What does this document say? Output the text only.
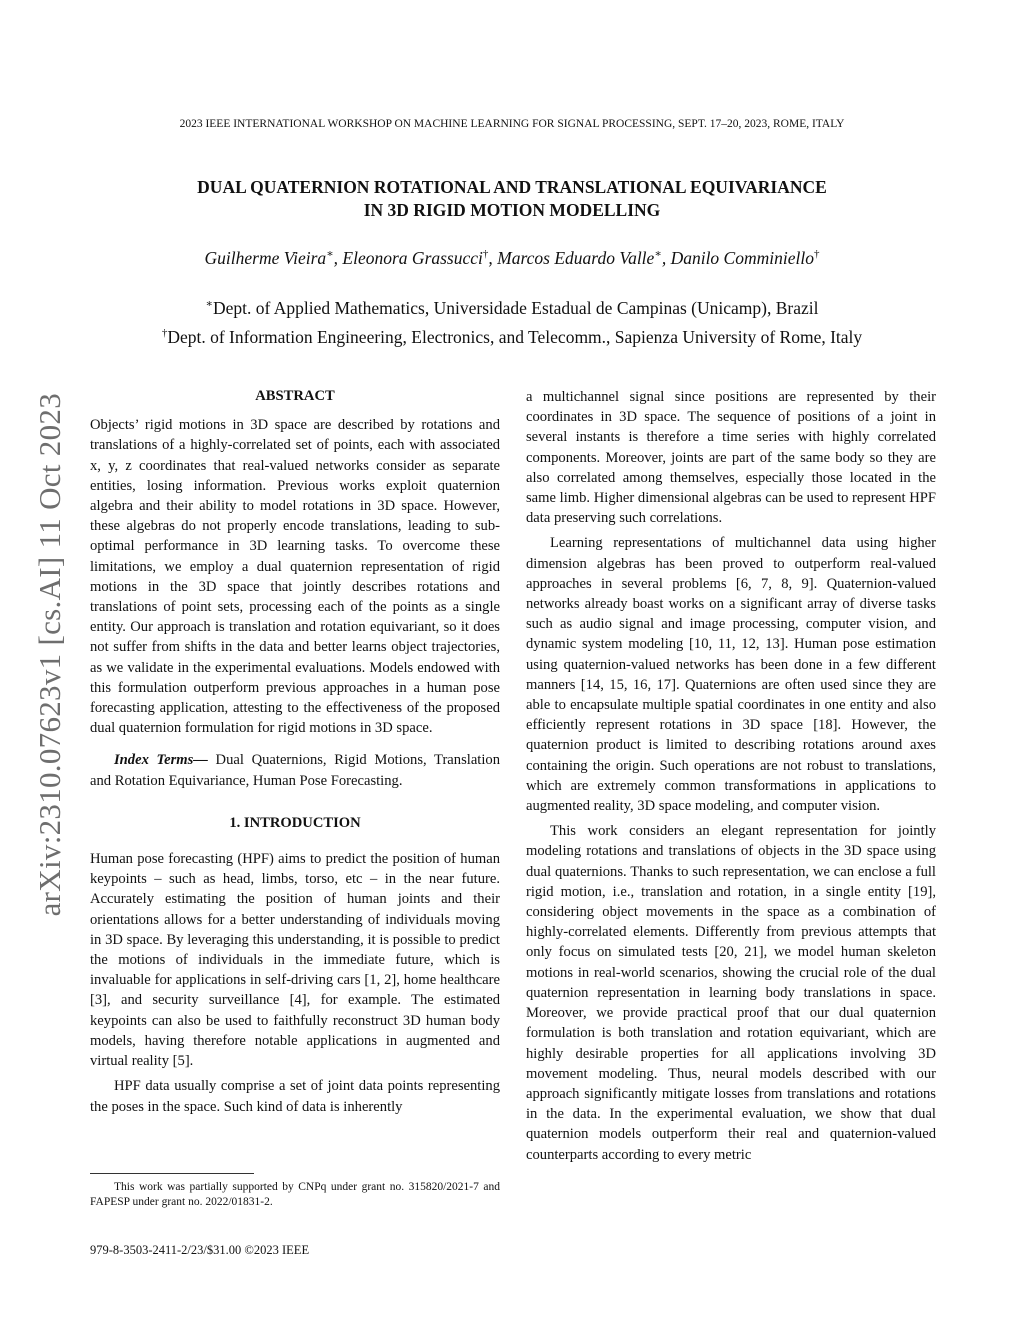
arXiv:2310.07623v1 [cs.AI] 11 Oct 2023
2023 IEEE INTERNATIONAL WORKSHOP ON MACHINE LEARNING FOR SIGNAL PROCESSING, SEPT. 17–20, 2023, ROME, ITALY
DUAL QUATERNION ROTATIONAL AND TRANSLATIONAL EQUIVARIANCE
IN 3D RIGID MOTION MODELLING
Guilherme Vieira∗, Eleonora Grassucci†, Marcos Eduardo Valle∗, Danilo Comminiello†
∗Dept. of Applied Mathematics, Universidade Estadual de Campinas (Unicamp), Brazil
†Dept. of Information Engineering, Electronics, and Telecomm., Sapienza University of Rome, Italy
ABSTRACT

Objects’ rigid motions in 3D space are described by rotations and translations of a highly-correlated set of points, each with associated x, y, z coordinates that real-valued networks consider as separate entities, losing information. Previous works exploit quaternion algebra and their ability to model rotations in 3D space. However, these algebras do not properly encode translations, leading to sub-optimal performance in 3D learning tasks. To overcome these limitations, we employ a dual quaternion representation of rigid motions in the 3D space that jointly describes rotations and translations of point sets, processing each of the points as a single entity. Our approach is translation and rotation equivariant, so it does not suffer from shifts in the data and better learns object trajectories, as we validate in the experimental evaluations. Models endowed with this formulation outperform previous approaches in a human pose forecasting application, attesting to the effectiveness of the proposed dual quaternion formulation for rigid motions in 3D space.

Index Terms— Dual Quaternions, Rigid Motions, Translation and Rotation Equivariance, Human Pose Forecasting.

1. INTRODUCTION

Human pose forecasting (HPF) aims to predict the position of human keypoints – such as head, limbs, torso, etc – in the near future. Accurately estimating the position of human joints and their orientations allows for a better understanding of individuals moving in 3D space. By leveraging this understanding, it is possible to predict the motions of individuals in the immediate future, which is invaluable for applications in self-driving cars [1, 2], home healthcare [3], and security surveillance [4], for example. The estimated keypoints can also be used to faithfully reconstruct 3D human body models, having therefore notable applications in augmented and virtual reality [5].

HPF data usually comprise a set of joint data points representing the poses in the space. Such kind of data is inherently

a multichannel signal since positions are represented by their coordinates in 3D space. The sequence of positions of a joint in several instants is therefore a time series with highly correlated components. Moreover, joints are part of the same body so they are also correlated among themselves, especially those located in the same limb. Higher dimensional algebras can be used to represent HPF data preserving such correlations.

Learning representations of multichannel data using higher dimension algebras has been proved to outperform real-valued approaches in several problems [6, 7, 8, 9]. Quaternion-valued networks already boast works on a significant array of diverse tasks such as audio signal and image processing, computer vision, and dynamic system modeling [10, 11, 12, 13]. Human pose estimation using quaternion-valued networks has been done in a few different manners [14, 15, 16, 17]. Quaternions are often used since they are able to encapsulate multiple spatial coordinates in one entity and also efficiently represent rotations in 3D space [18]. However, the quaternion product is limited to describing rotations around axes containing the origin. Such operations are not robust to translations, which are extremely common transformations in applications to augmented reality, 3D space modeling, and computer vision.

This work considers an elegant representation for jointly modeling rotations and translations of objects in the 3D space using dual quaternions. Thanks to such representation, we can enclose a full rigid motion, i.e., translation and rotation, in a single entity [19], considering object movements in the space as a combination of highly-correlated elements. Differently from previous attempts that only focus on simulated tests [20, 21], we model human skeleton motions in real-world scenarios, showing the crucial role of the dual quaternion representation in learning body translations in space. Moreover, we provide practical proof that our dual quaternion formulation is both translation and rotation equivariant, which are highly desirable properties for all applications involving 3D movement modeling. Thus, neural models described with our approach significantly mitigate losses from translations and rotations in the data. In the experimental evaluation, we show that dual quaternion models outperform their real and quaternion-valued counterparts according to every metric

This work was partially supported by CNPq under grant no. 315820/2021-7 and FAPESP under grant no. 2022/01831-2.

979-8-3503-2411-2/23/$31.00 ©2023 IEEE
